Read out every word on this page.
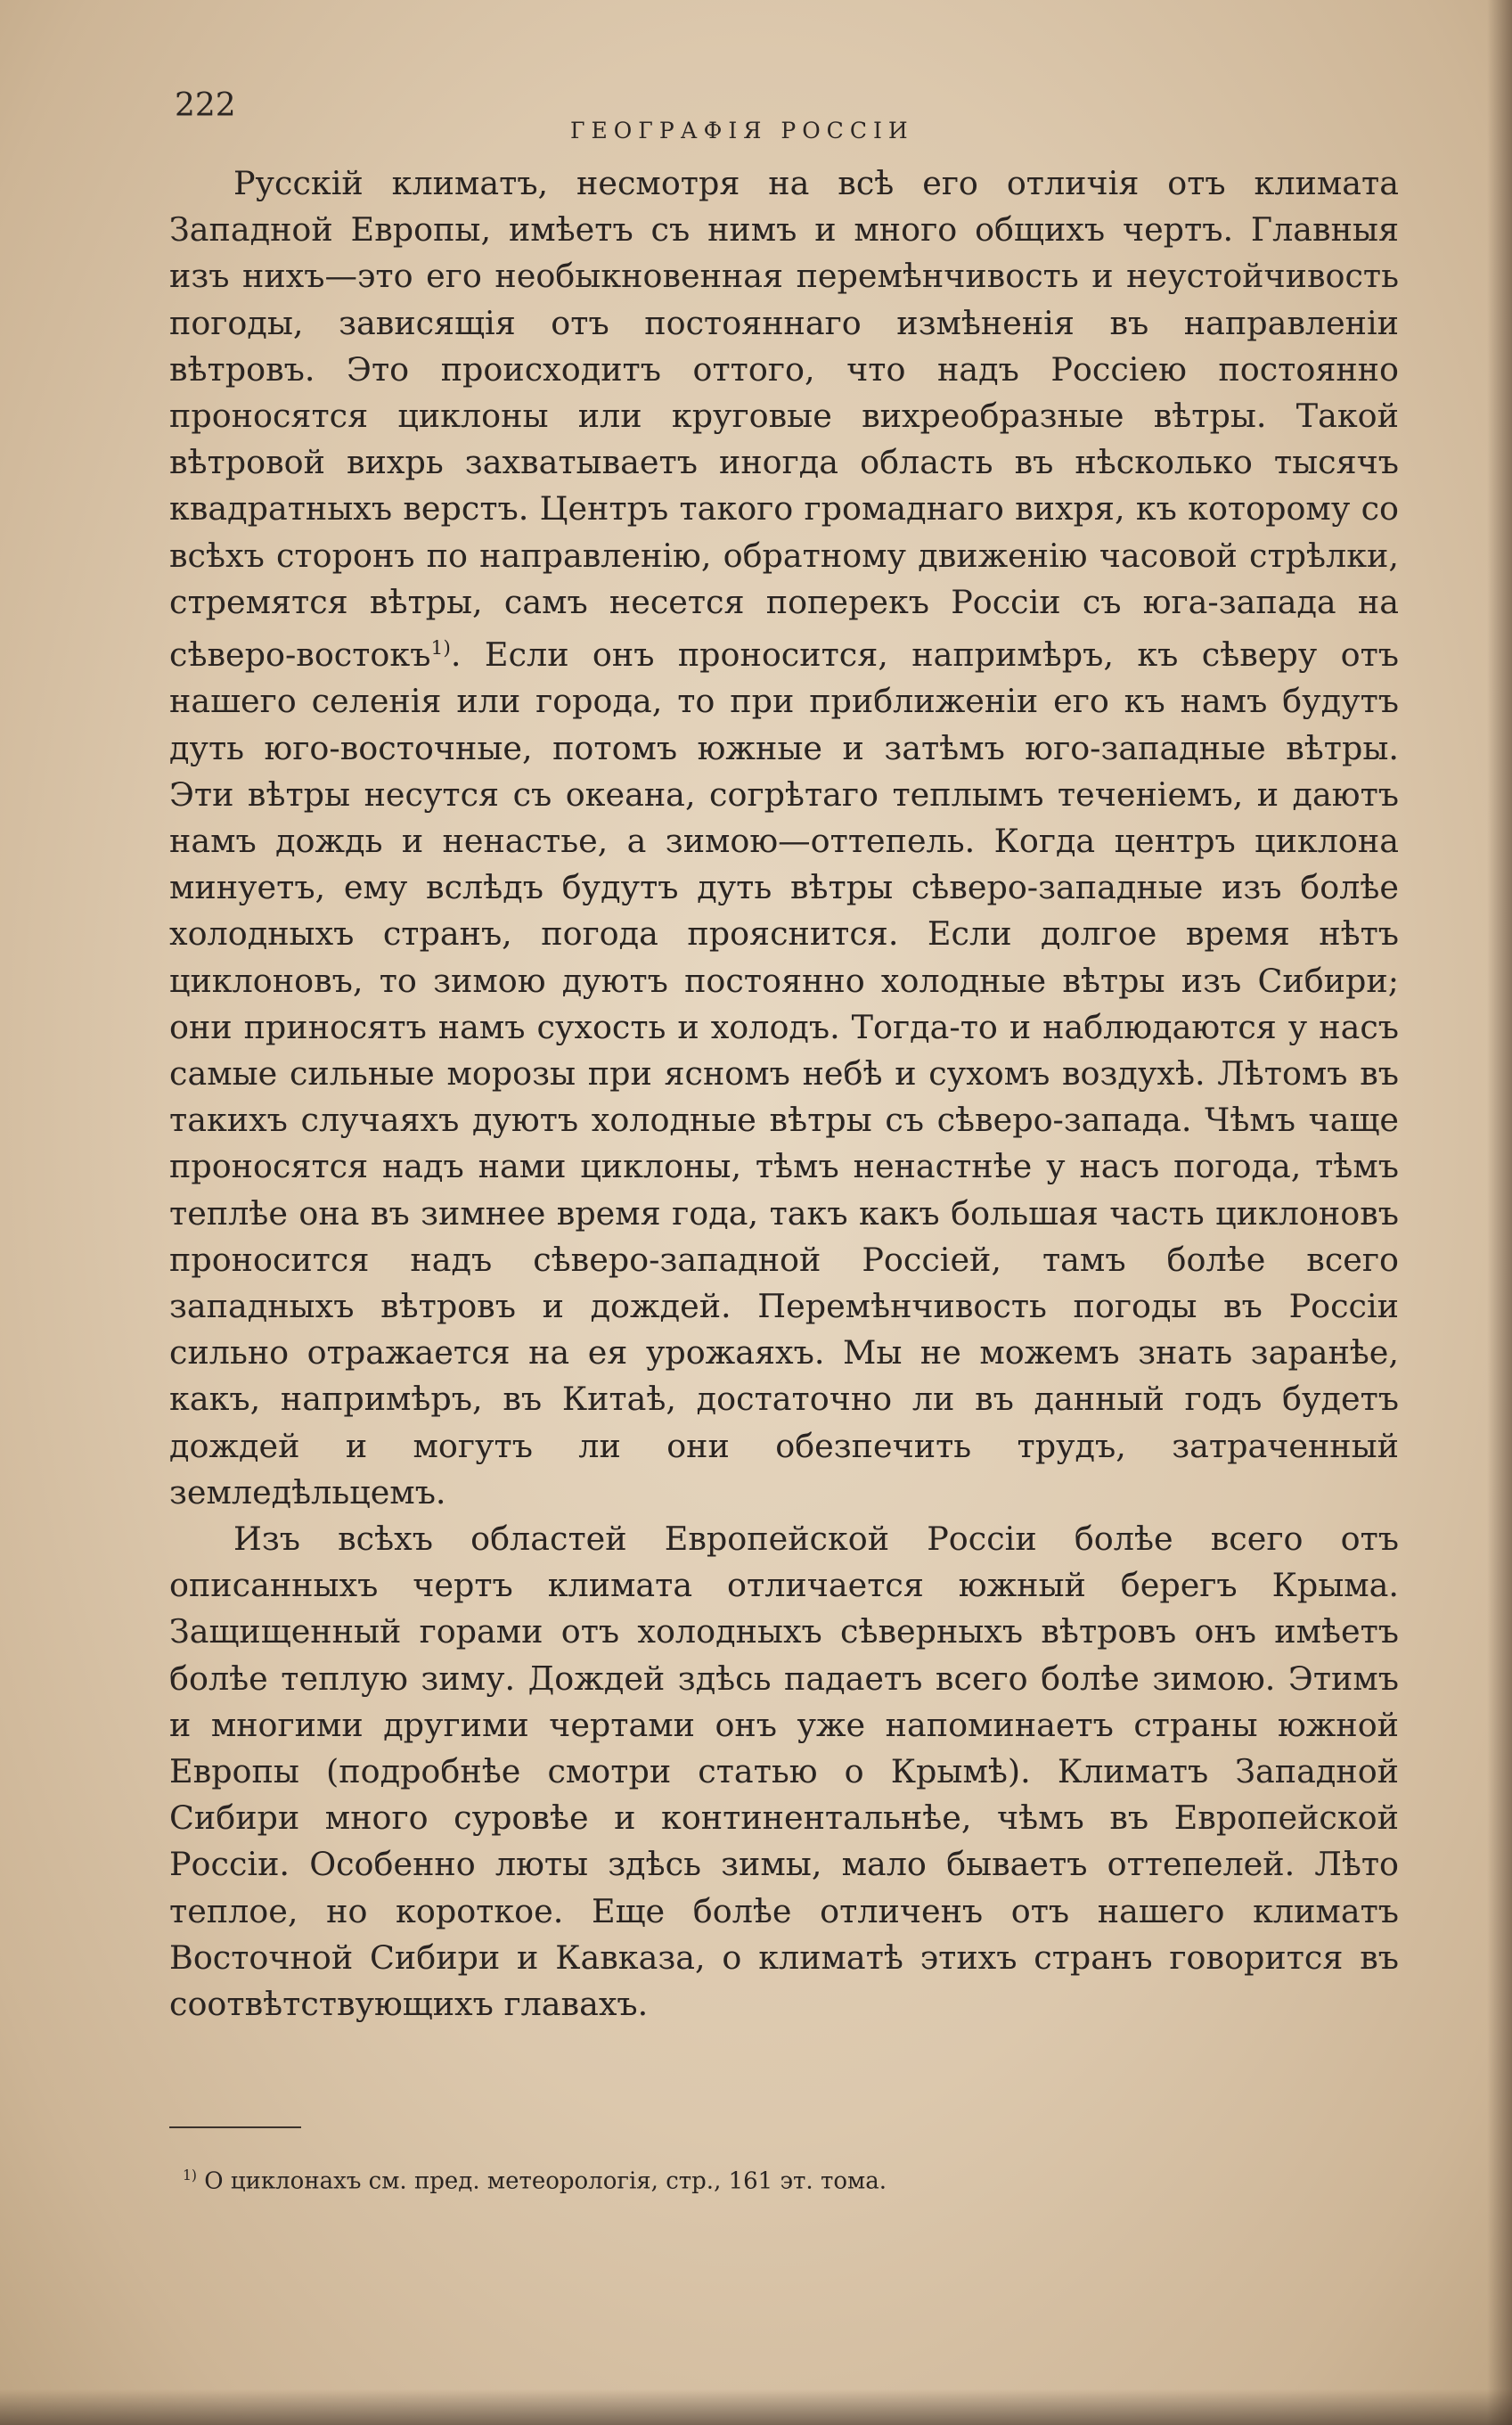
222
ГЕОГРАФІЯ РОССІИ

Русскій климатъ, несмотря на всѣ его отличія отъ климата Западной Европы, имѣетъ съ нимъ и много общихъ чертъ. Главныя изъ нихъ—это его необыкновенная перемѣнчивость и неустойчивость погоды, зависящія отъ постояннаго измѣненія въ направленіи вѣтровъ. Это происходитъ оттого, что надъ Россіею постоянно проносятся циклоны или круговые вихреобразные вѣтры. Такой вѣтровой вихрь захватываетъ иногда область въ нѣсколько тысячъ квадратныхъ верстъ. Центръ такого громаднаго вихря, къ которому со всѣхъ сторонъ по направленію, обратному движенію часовой стрѣлки, стремятся вѣтры, самъ несется поперекъ Россіи съ юга-запада на сѣверо-востокъ$^{1)}$. Если онъ проносится, напримѣръ, къ сѣверу отъ нашего селенія или города, то при приближеніи его къ намъ будутъ дуть юго-восточные, потомъ южные и затѣмъ юго-западные вѣтры. Эти вѣтры несутся съ океана, согрѣтаго теплымъ теченіемъ, и даютъ намъ дождь и ненастье, а зимою—оттепель. Когда центръ циклона минуетъ, ему вслѣдъ будутъ дуть вѣтры сѣверо-западные изъ болѣе холодныхъ странъ, погода прояснится. Если долгое время нѣтъ циклоновъ, то зимою дуютъ постоянно холодные вѣтры изъ Сибири; они приносятъ намъ сухость и холодъ. Тогда-то и наблюдаются у насъ самые сильные морозы при ясномъ небѣ и сухомъ воздухѣ. Лѣтомъ въ такихъ случаяхъ дуютъ холодные вѣтры съ сѣверо-запада. Чѣмъ чаще проносятся надъ нами циклоны, тѣмъ ненастнѣе у насъ погода, тѣмъ теплѣе она въ зимнее время года, такъ какъ большая часть циклоновъ проносится надъ сѣверо-западной Россіей, тамъ болѣе всего западныхъ вѣтровъ и дождей. Перемѣнчивость погоды въ Россіи сильно отражается на ея урожаяхъ. Мы не можемъ знать заранѣе, какъ, напримѣръ, въ Китаѣ, достаточно ли въ данный годъ будетъ дождей и могутъ ли они обезпечить трудъ, затраченный земледѣльцемъ.

Изъ всѣхъ областей Европейской Россіи болѣе всего отъ описанныхъ чертъ климата отличается южный берегъ Крыма. Защищенный горами отъ холодныхъ сѣверныхъ вѣтровъ онъ имѣетъ болѣе теплую зиму. Дождей здѣсь падаетъ всего болѣе зимою. Этимъ и многими другими чертами онъ уже напоминаетъ страны южной Европы (подробнѣе смотри статью о Крымѣ). Климатъ Западной Сибири много суровѣе и континентальнѣе, чѣмъ въ Европейской Россіи. Особенно люты здѣсь зимы, мало бываетъ оттепелей. Лѣто теплое, но короткое. Еще болѣе отличенъ отъ нашего климатъ Восточной Сибири и Кавказа, о климатѣ этихъ странъ говорится въ соотвѣтствующихъ главахъ.

$^{1)}$ О циклонахъ см. пред. метеорологія, стр., 161 эт. тома.
